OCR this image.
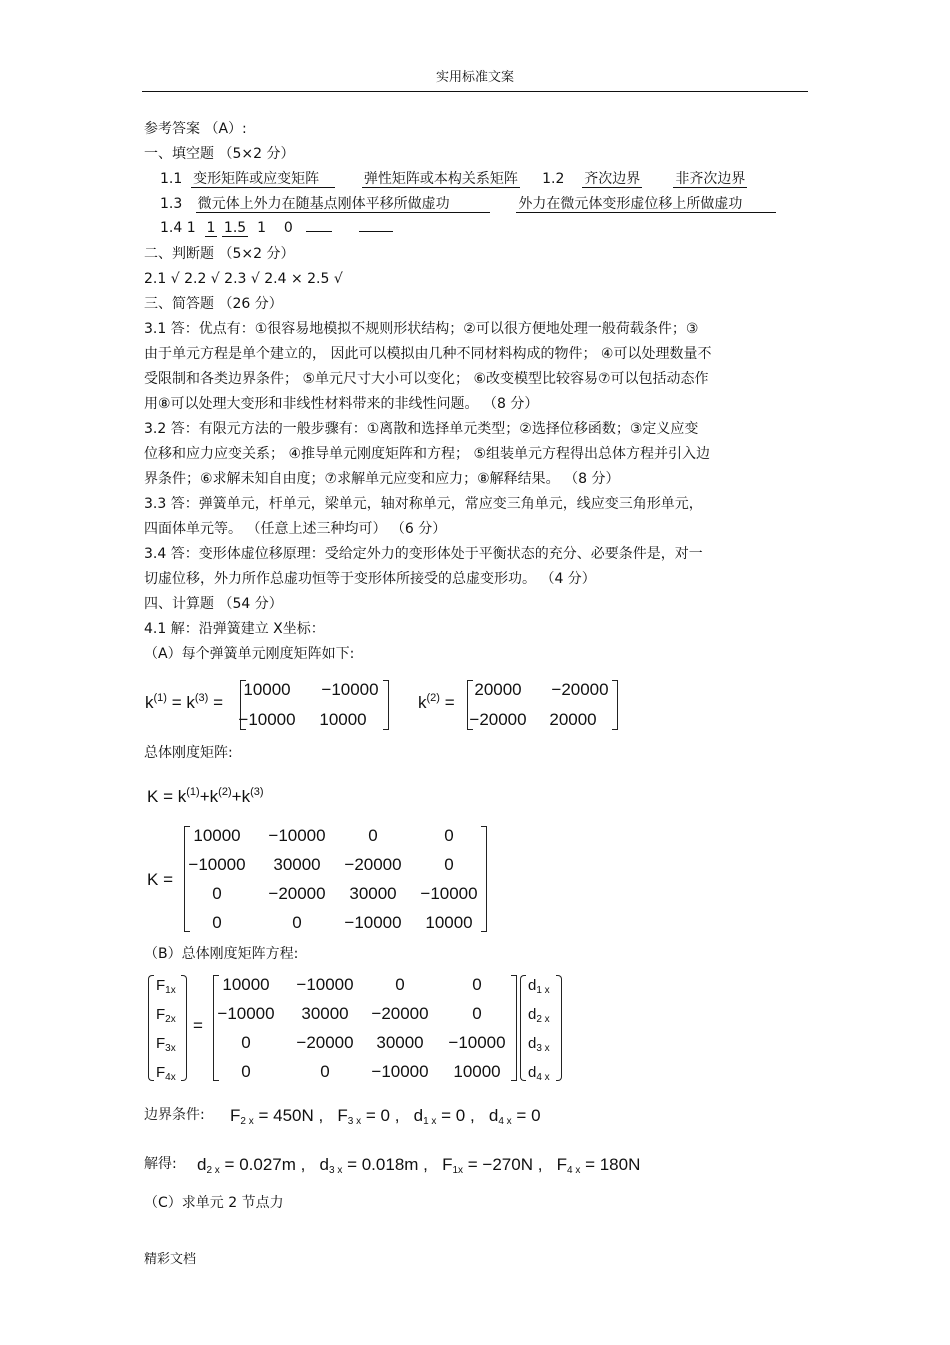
实用标准文案
参考答案 （A）:
一、填空题 （5×2 分）
1.1 变形矩阵或应变矩阵	弹性矩阵或本构关系矩阵 1.2 齐次边界	非齐次边界
1.3 微元体上外力在随基点刚体平移所做虚功	外力在微元体变形虚位移上所做虚功
1.4 1 1 1.5 1 0
二、判断题 （5×2 分）
2.1 √ 2.2 √ 2.3 √ 2.4 × 2.5 √
三、简答题 （26 分）
3.1 答：优点有：①很容易地模拟不规则形状结构；②可以很方便地处理一般荷载条件；③
由于单元方程是单个建立的， 因此可以模拟由几种不同材料构成的物件； ④可以处理数量不
受限制和各类边界条件； ⑤单元尺寸大小可以变化； ⑥改变模型比较容易⑦可以包括动态作
用⑧可以处理大变形和非线性材料带来的非线性问题。 （8 分）
3.2 答：有限元方法的一般步骤有：①离散和选择单元类型；②选择位移函数；③定义应变
位移和应力应变关系； ④推导单元刚度矩阵和方程； ⑤组装单元方程得出总体方程并引入边
界条件；⑥求解未知自由度；⑦求解单元应变和应力；⑧解释结果。 （8 分）
3.3 答：弹簧单元，杆单元，梁单元，轴对称单元，常应变三角单元，线应变三角形单元，
四面体单元等。 （任意上述三种均可） （6 分）
3.4 答：变形体虚位移原理：受给定外力的变形体处于平衡状态的充分、必要条件是，对一
切虚位移，外力所作总虚功恒等于变形体所接受的总虚变形功。 （4 分）
四、计算题 （54 分）
4.1 解：沿弹簧建立 X坐标：
（A）每个弹簧单元刚度矩阵如下:
$k^{(1)} = k^{(3)}$ =
10000	−10000
−10000	10000
$k^{(2)}$ =
20000	−20000
−20000	20000
总体刚度矩阵:
$K = k^{(1)}+k^{(2)}+k^{(3)}$
K =
10000	−10000	0	0
−10000	30000	−20000	0
0	−20000	30000	−10000
0	0	−10000	10000
（B）总体刚度矩阵方程:
$F_{1x}$
$F_{2x}$
$F_{3x}$
$F_{4x}$
=
10000	−10000	0	0
−10000	30000	−20000	0
0	−20000	30000	−10000
0	0	−10000	10000
$d_{1 x}$
$d_{2 x}$
$d_{3 x}$
$d_{4 x}$
边界条件: $F_{2 x} = 450N$ , $F_{3 x} = 0$ , $d_{1 x} = 0$ , $d_{4 x} = 0$
解得: $d_{2 x} = 0.027m$ , $d_{3 x} = 0.018m$ , $F_{1x} = -270N$ , $F_{4 x} = 180N$
（C）求单元 2 节点力
精彩文档
